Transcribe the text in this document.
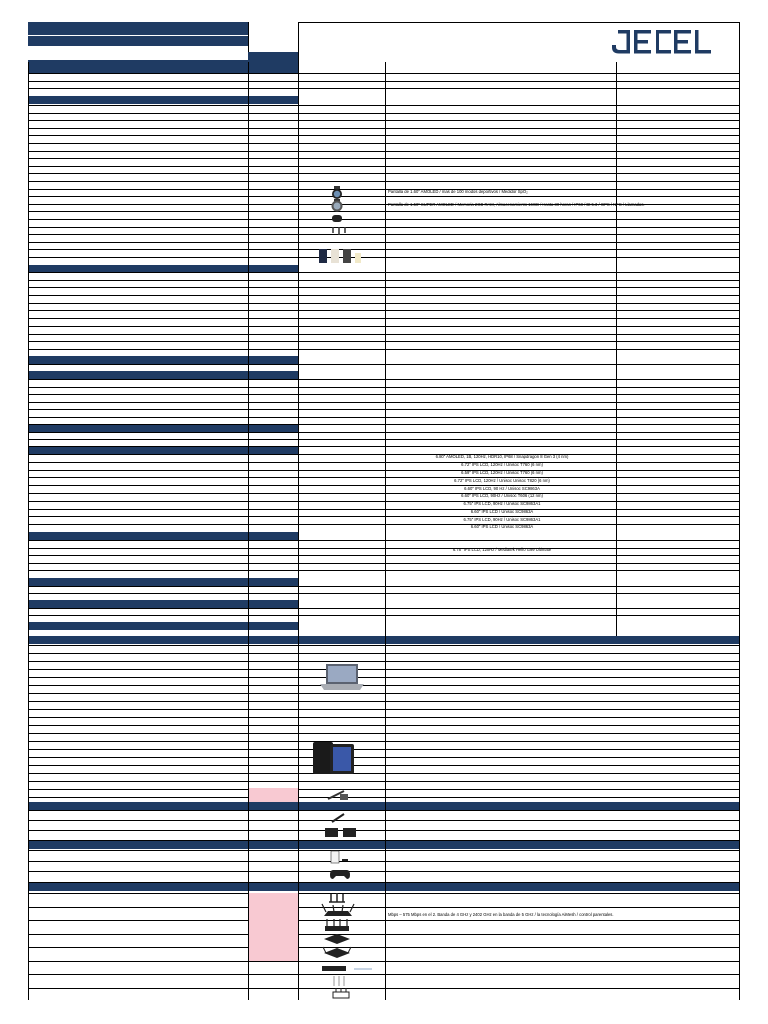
Pantalla de 1.60" AMOLED / mas de 100 modos deportivos / Medidor SpO₂
Pantalla de 1.50" SUPER AMOLED / Memoria 2GB RAM, Almacenamiento 16GB / Hasta 30 horas / IP68 / Bt 5.3 / GPS / NFC / Llamadas.
6.80" AMOLED, 1B, 120Hz, HDR10, IP68 / Snapdragon 8 Gen 3 (4 nm)
6.72" IPS LCD, 120Hz / Unisoc T760 (6 nm)
6.59" IPS LCD, 120Hz / Unisoc T760 (6 nm)
6.72" IPS LCD, 120Hz / Unisoc Unisoc T820 (6 nm)
6.60" IPS LCD, 90 Hz / Unisoc SC9863A
6.60" IPS LCD, 90Hz / Unisoc T606 (12 nm)
6.75" IPS LCD, 90Hz / Unisoc SC9863A1
6.60" IPS LCD / Unisoc SC9863A
6.75" IPS LCD, 90Hz / Unisoc SC9863A1
6.60" IPS LCD / Unisoc SC9863A
6.78" IPS LCD, 120Hz / Mediatek Helio G99 Ultimate
Mbps – 575 Mbps en el 2. Banda de 4 GHz y 2402 GHz en la banda de 5 GHz / la tecnología AiMesh / control parentales.
